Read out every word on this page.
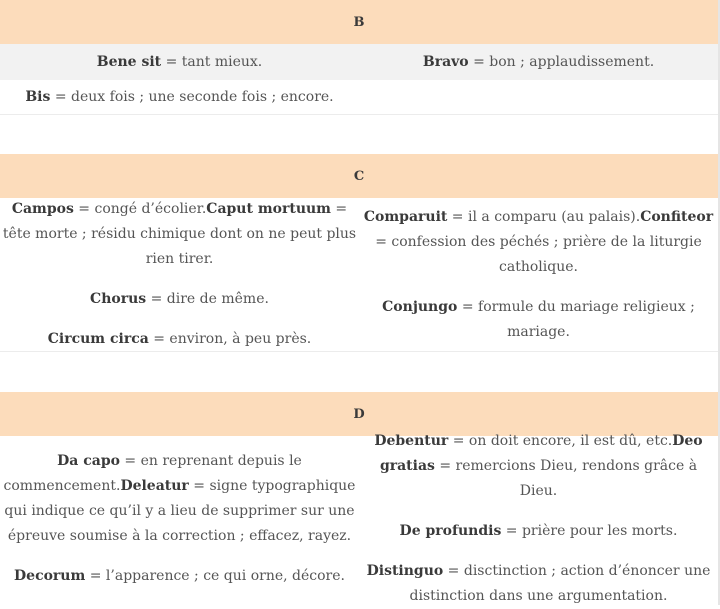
B

Bene sit = tant mieux.	Bravo = bon ; applaudissement.

Bis = deux fois ; une seconde fois ; encore.

C

Campos = congé d’écolier.Caput mortuum = tête morte ; résidu chimique dont on ne peut plus rien tirer.

Chorus = dire de même.

Circum circa = environ, à peu près.

Comparuit = il a comparu (au palais).Confiteor = confession des péchés ; prière de la liturgie catholique.

Conjungo = formule du mariage religieux ; mariage.

D

Da capo = en reprenant depuis le commencement.Deleatur = signe typographique qui indique ce qu’il y a lieu de supprimer sur une épreuve soumise à la correction ; effacez, rayez.

Decorum = l’apparence ; ce qui orne, décore.

Debentur = on doit encore, il est dû, etc.Deo gratias = remercions Dieu, rendons grâce à Dieu.

De profundis = prière pour les morts.

Distinguo = disctinction ; action d’énoncer une distinction dans une argumentation.
